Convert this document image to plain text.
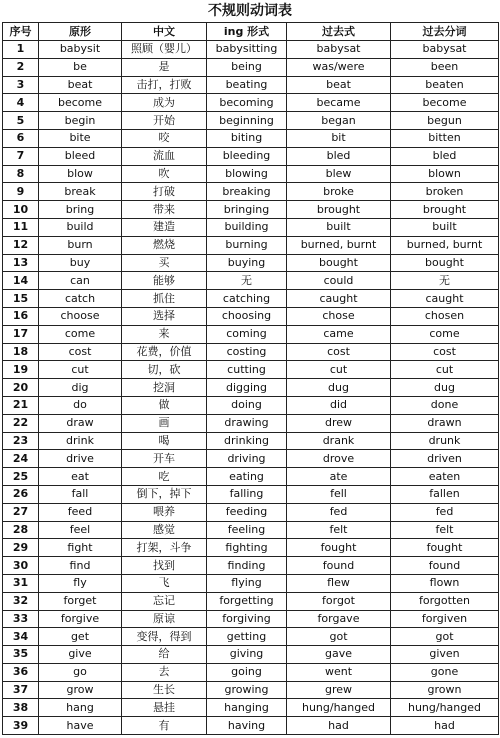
不规则动词表
序号	原形	中文	ing 形式	过去式	过去分词
1	babysit	照顾（婴儿）	babysitting	babysat	babysat
2	be	是	being	was/were	been
3	beat	击打，打败	beating	beat	beaten
4	become	成为	becoming	became	become
5	begin	开始	beginning	began	begun
6	bite	咬	biting	bit	bitten
7	bleed	流血	bleeding	bled	bled
8	blow	吹	blowing	blew	blown
9	break	打破	breaking	broke	broken
10	bring	带来	bringing	brought	brought
11	build	建造	building	built	built
12	burn	燃烧	burning	burned, burnt	burned, burnt
13	buy	买	buying	bought	bought
14	can	能够	无	could	无
15	catch	抓住	catching	caught	caught
16	choose	选择	choosing	chose	chosen
17	come	来	coming	came	come
18	cost	花费，价值	costing	cost	cost
19	cut	切，砍	cutting	cut	cut
20	dig	挖洞	digging	dug	dug
21	do	做	doing	did	done
22	draw	画	drawing	drew	drawn
23	drink	喝	drinking	drank	drunk
24	drive	开车	driving	drove	driven
25	eat	吃	eating	ate	eaten
26	fall	倒下，掉下	falling	fell	fallen
27	feed	喂养	feeding	fed	fed
28	feel	感觉	feeling	felt	felt
29	fight	打架，斗争	fighting	fought	fought
30	find	找到	finding	found	found
31	fly	飞	flying	flew	flown
32	forget	忘记	forgetting	forgot	forgotten
33	forgive	原谅	forgiving	forgave	forgiven
34	get	变得，得到	getting	got	got
35	give	给	giving	gave	given
36	go	去	going	went	gone
37	grow	生长	growing	grew	grown
38	hang	悬挂	hanging	hung/hanged	hung/hanged
39	have	有	having	had	had
